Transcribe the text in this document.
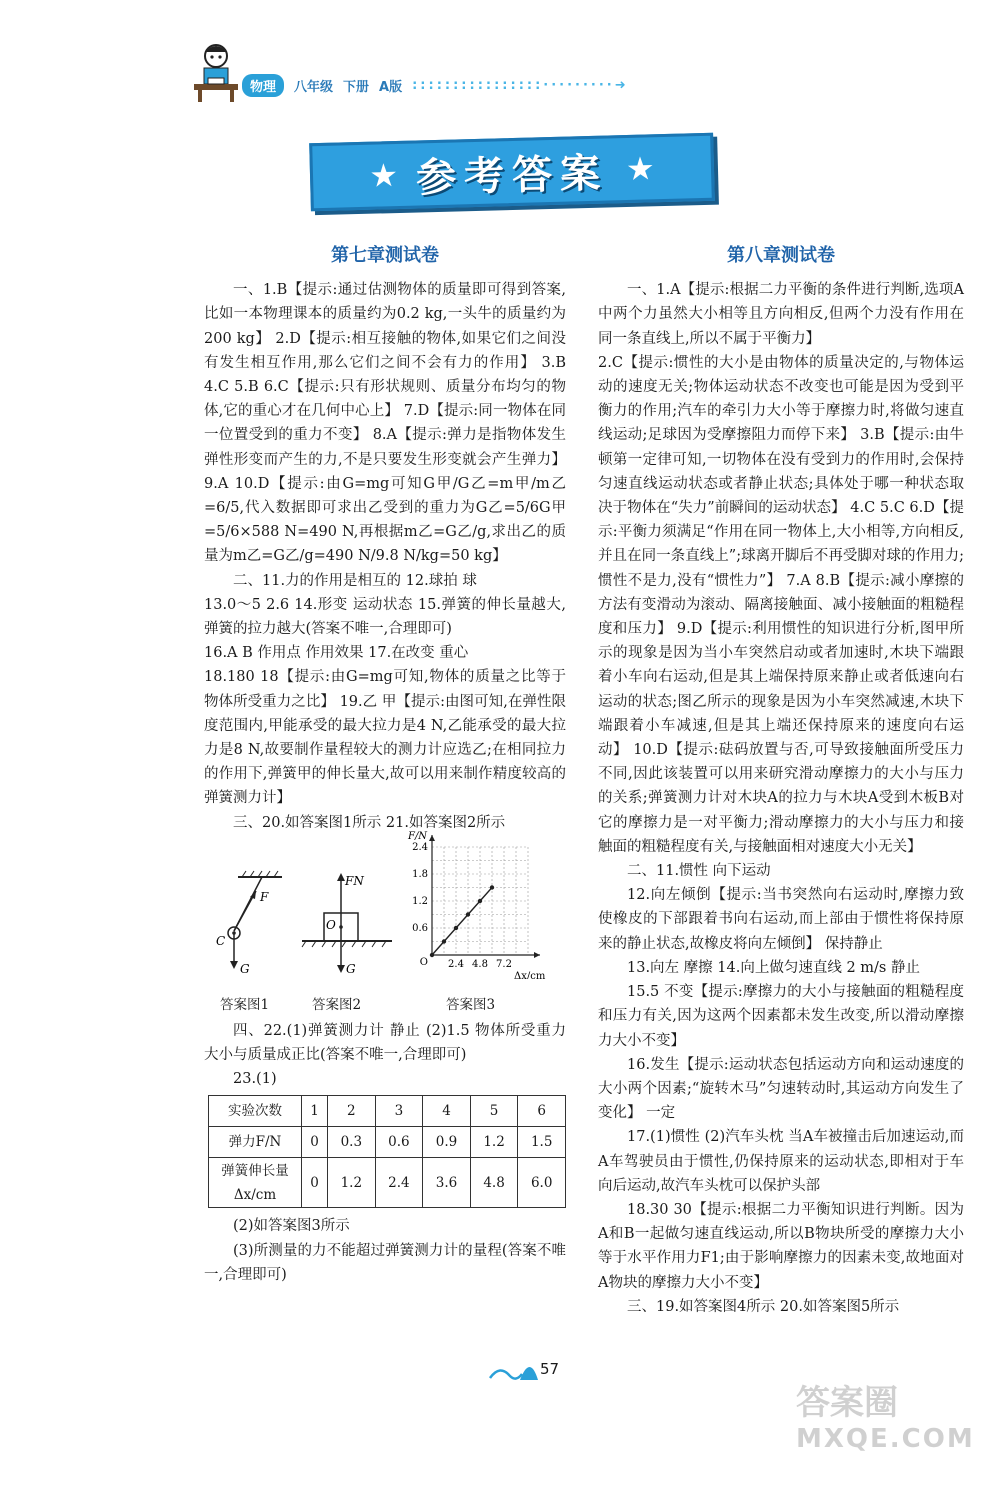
物理	八年级 下册 A版 ::::::::::::::::·········➜
★ 参考答案 ★
第七章测试卷

一、1.B【提示:通过估测物体的质量即可得到答案,比如一本物理课本的质量约为0.2 kg,一头牛的质量约为200 kg】 2.D【提示:相互接触的物体,如果它们之间没有发生相互作用,那么它们之间不会有力的作用】 3.B 4.C 5.B 6.C【提示:只有形状规则、质量分布均匀的物体,它的重心才在几何中心上】 7.D【提示:同一物体在同一位置受到的重力不变】 8.A【提示:弹力是指物体发生弹性形变而产生的力,不是只要发生形变就会产生弹力】 9.A 10.D【提示:由G=mg可知G甲/G乙=m甲/m乙=6/5,代入数据即可求出乙受到的重力为G乙=5/6G甲=5/6×588 N=490 N,再根据m乙=G乙/g,求出乙的质量为m乙=G乙/g=490 N/9.8 N/kg=50 kg】

二、11.力的作用是相互的 12.球拍 球

13.0～5 2.6 14.形变 运动状态 15.弹簧的伸长量越大,弹簧的拉力越大(答案不唯一,合理即可)

16.A B 作用点 作用效果 17.在改变 重心

18.180 18【提示:由G=mg可知,物体的质量之比等于物体所受重力之比】 19.乙 甲【提示:由图可知,在弹性限度范围内,甲能承受的最大拉力是4 N,乙能承受的最大拉力是8 N,故要制作量程较大的测力计应选乙;在相同拉力的作用下,弹簧甲的伸长量大,故可以用来制作精度较高的弹簧测力计】

三、20.如答案图1所示 21.如答案图2所示

F
C
G
FN
O
G	2.4 4.8 7.2
0.6
1.2
1.8
2.4
O
F/N
Δx/cm
答案图1	答案图2	答案图3

四、22.(1)弹簧测力计 静止 (2)1.5 物体所受重力大小与质量成正比(答案不唯一,合理即可)

23.(1)

实验次数	1	2	3	4	5	6
弹力F/N	0	0.3	0.6	0.9	1.2	1.5
弹簧伸长量Δx/cm	0	1.2	2.4	3.6	4.8	6.0

(2)如答案图3所示

(3)所测量的力不能超过弹簧测力计的量程(答案不唯一,合理即可)

第八章测试卷

一、1.A【提示:根据二力平衡的条件进行判断,选项A中两个力虽然大小相等且方向相反,但两个力没有作用在同一条直线上,所以不属于平衡力】

2.C【提示:惯性的大小是由物体的质量决定的,与物体运动的速度无关;物体运动状态不改变也可能是因为受到平衡力的作用;汽车的牵引力大小等于摩擦力时,将做匀速直线运动;足球因为受摩擦阻力而停下来】 3.B【提示:由牛顿第一定律可知,一切物体在没有受到力的作用时,会保持匀速直线运动状态或者静止状态;具体处于哪一种状态取决于物体在“失力”前瞬间的运动状态】 4.C 5.C 6.D【提示:平衡力须满足“作用在同一物体上,大小相等,方向相反,并且在同一条直线上”;球离开脚后不再受脚对球的作用力;惯性不是力,没有“惯性力”】 7.A 8.B【提示:减小摩擦的方法有变滑动为滚动、隔离接触面、减小接触面的粗糙程度和压力】 9.D【提示:利用惯性的知识进行分析,图甲所示的现象是因为当小车突然启动或者加速时,木块下端跟着小车向右运动,但是其上端保持原来静止或者低速向右运动的状态;图乙所示的现象是因为小车突然减速,木块下端跟着小车减速,但是其上端还保持原来的速度向右运动】 10.D【提示:砝码放置与否,可导致接触面所受压力不同,因此该装置可以用来研究滑动摩擦力的大小与压力的关系;弹簧测力计对木块A的拉力与木块A受到木板B对它的摩擦力是一对平衡力;滑动摩擦力的大小与压力和接触面的粗糙程度有关,与接触面相对速度大小无关】

二、11.惯性 向下运动

12.向左倾倒【提示:当书突然向右运动时,摩擦力致使橡皮的下部跟着书向右运动,而上部由于惯性将保持原来的静止状态,故橡皮将向左倾倒】 保持静止

13.向左 摩擦 14.向上做匀速直线 2 m/s 静止

15.5 不变【提示:摩擦力的大小与接触面的粗糙程度和压力有关,因为这两个因素都未发生改变,所以滑动摩擦力大小不变】

16.发生【提示:运动状态包括运动方向和运动速度的大小两个因素;“旋转木马”匀速转动时,其运动方向发生了变化】 一定

17.(1)惯性 (2)汽车头枕 当A车被撞击后加速运动,而A车驾驶员由于惯性,仍保持原来的运动状态,即相对于车向后运动,故汽车头枕可以保护头部

18.30 30【提示:根据二力平衡知识进行判断。因为A和B一起做匀速直线运动,所以B物块所受的摩擦力大小等于水平作用力F1;由于影响摩擦力的因素未变,故地面对A物块的摩擦力大小不变】

三、19.如答案图4所示 20.如答案图5所示

57
答案圈
MXQE.COM
